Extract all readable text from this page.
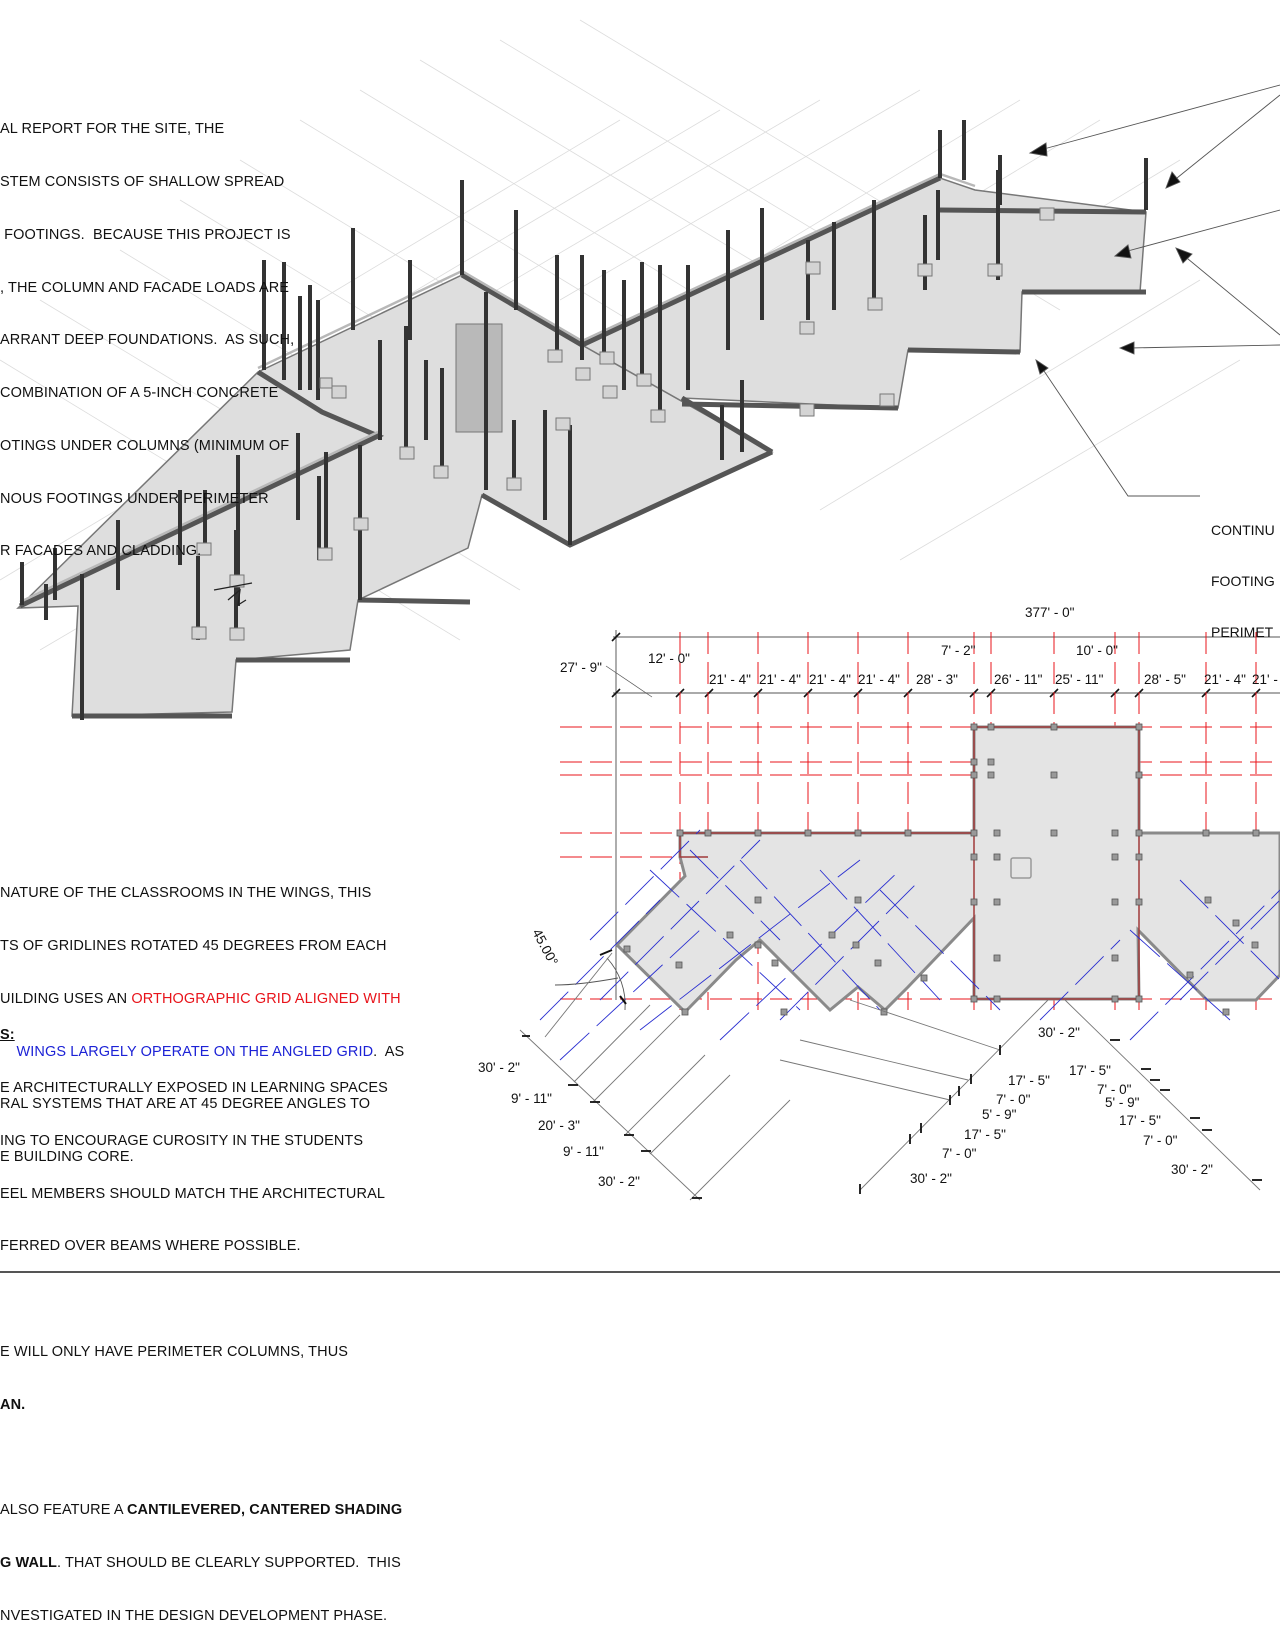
377' - 0"
27' - 9"
12' - 0"
7' - 2"	10' - 0"
21' - 4" 21' - 4" 21' - 4" 21' - 4" 28' - 3"	26' - 11" 25' - 11"	28' - 5" 21' - 4" 21' -
45.00°
30' - 2"
9' - 11"
20' - 3"
9' - 11"
30' - 2"
30' - 2"
17' - 5"
7' - 0"
5' - 9"
17' - 5"
7' - 0"
30' - 2"
17' - 5"
7' - 0"
5' - 9"
17' - 5"
7' - 0"
30' - 2"

AL REPORT FOR THE SITE, THE

STEM CONSISTS OF SHALLOW SPREAD

FOOTINGS.  BECAUSE THIS PROJECT IS

, THE COLUMN AND FACADE LOADS ARE

ARRANT DEEP FOUNDATIONS.  AS SUCH,

COMBINATION OF A 5-INCH CONCRETE

OTINGS UNDER COLUMNS (MINIMUM OF

NOUS FOOTINGS UNDER PERIMETER

R FACADES AND CLADDING.

NATURE OF THE CLASSROOMS IN THE WINGS, THIS

TS OF GRIDLINES ROTATED 45 DEGREES FROM EACH

UILDING USES AN ORTHOGRAPHIC GRID ALIGNED WITH

WINGS LARGELY OPERATE ON THE ANGLED GRID.  AS

RAL SYSTEMS THAT ARE AT 45 DEGREE ANGLES TO

E BUILDING CORE.

S:

E ARCHITECTURALLY EXPOSED IN LEARNING SPACES

ING TO ENCOURAGE CUROSITY IN THE STUDENTS

EEL MEMBERS SHOULD MATCH THE ARCHITECTURAL

FERRED OVER BEAMS WHERE POSSIBLE.

E WILL ONLY HAVE PERIMETER COLUMNS, THUS

AN.

ALSO FEATURE A CANTILEVERED, CANTERED SHADING

G WALL. THAT SHOULD BE CLEARLY SUPPORTED.  THIS

NVESTIGATED IN THE DESIGN DEVELOPMENT PHASE.

CONTINU

FOOTING

PERIMET
